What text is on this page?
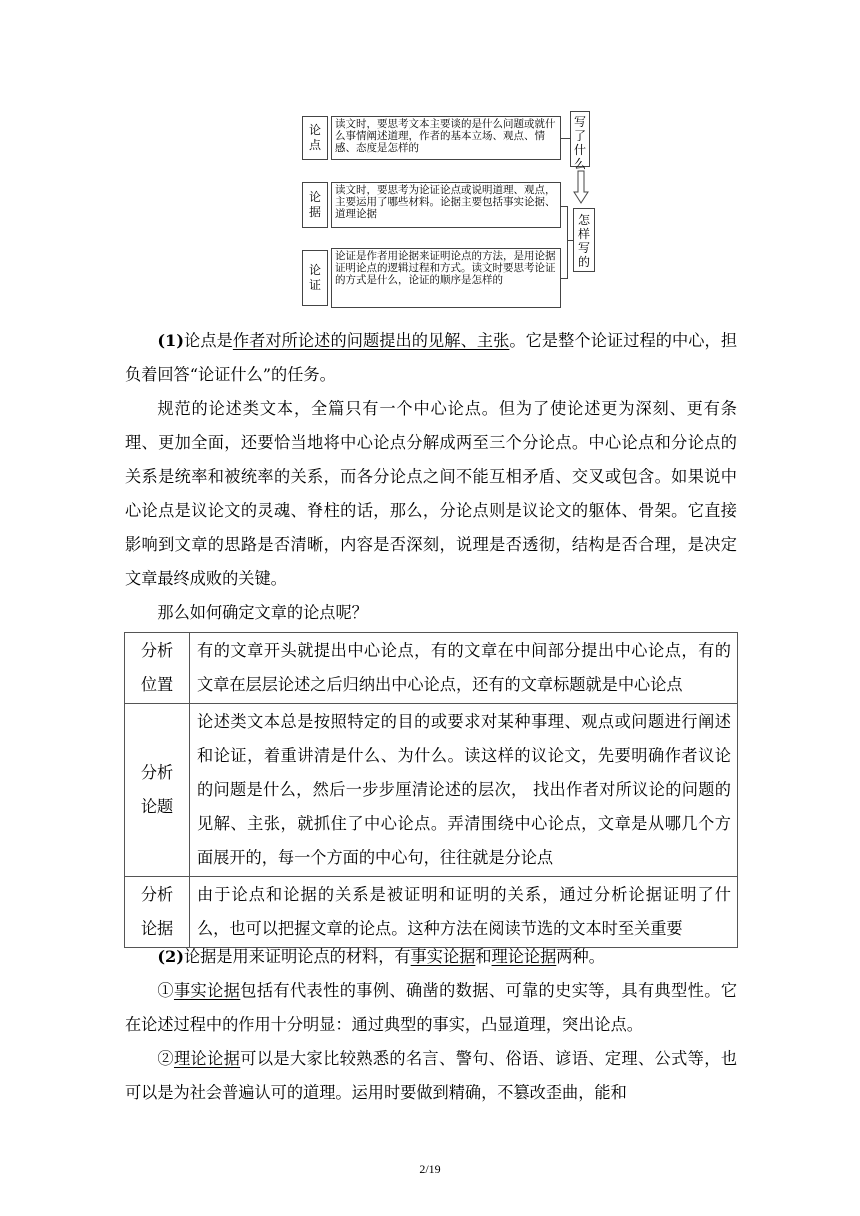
论
点
读文时，要思考文本主要谈的是什么问题或就什么事情阐述道理，作者的基本立场、观点、情感、态度是怎样的
写
了
什
么
论
据
读文时，要思考为论证论点或说明道理、观点，主要运用了哪些材料。论据主要包括事实论据、道理论据
论
证
论证是作者用论据来证明论点的方法，是用论据证明论点的逻辑过程和方式。读文时要思考论证的方式是什么，论证的顺序是怎样的
怎
样
写
的
(1)论点是作者对所论述的问题提出的见解、主张。它是整个论证过程的中心，担负着回答“论证什么”的任务。
规范的论述类文本，全篇只有一个中心论点。但为了使论述更为深刻、更有条理、更加全面，还要恰当地将中心论点分解成两至三个分论点。中心论点和分论点的关系是统率和被统率的关系，而各分论点之间不能互相矛盾、交叉或包含。如果说中心论点是议论文的灵魂、脊柱的话，那么，分论点则是议论文的躯体、骨架。它直接影响到文章的思路是否清晰，内容是否深刻，说理是否透彻，结构是否合理，是决定文章最终成败的关键。
那么如何确定文章的论点呢？
分析
位置	有的文章开头就提出中心论点，有的文章在中间部分提出中心论点，有的文章在层层论述之后归纳出中心论点，还有的文章标题就是中心论点

分析
论题	论述类文本总是按照特定的目的或要求对某种事理、观点或问题进行阐述和论证，着重讲清是什么、为什么。读这样的议论文，先要明确作者议论的问题是什么，然后一步步厘清论述的层次， 找出作者对所议论的问题的见解、主张，就抓住了中心论点。弄清围绕中心论点，文章是从哪几个方面展开的，每一个方面的中心句，往往就是分论点

分析
论据	由于论点和论据的关系是被证明和证明的关系，通过分析论据证明了什么，也可以把握文章的论点。这种方法在阅读节选的文本时至关重要
(2)论据是用来证明论点的材料，有事实论据和理论论据两种。
①事实论据包括有代表性的事例、确凿的数据、可靠的史实等，具有典型性。它在论述过程中的作用十分明显：通过典型的事实，凸显道理，突出论点。
②理论论据可以是大家比较熟悉的名言、警句、俗语、谚语、定理、公式等，也可以是为社会普遍认可的道理。运用时要做到精确，不篡改歪曲，能和
2/19
